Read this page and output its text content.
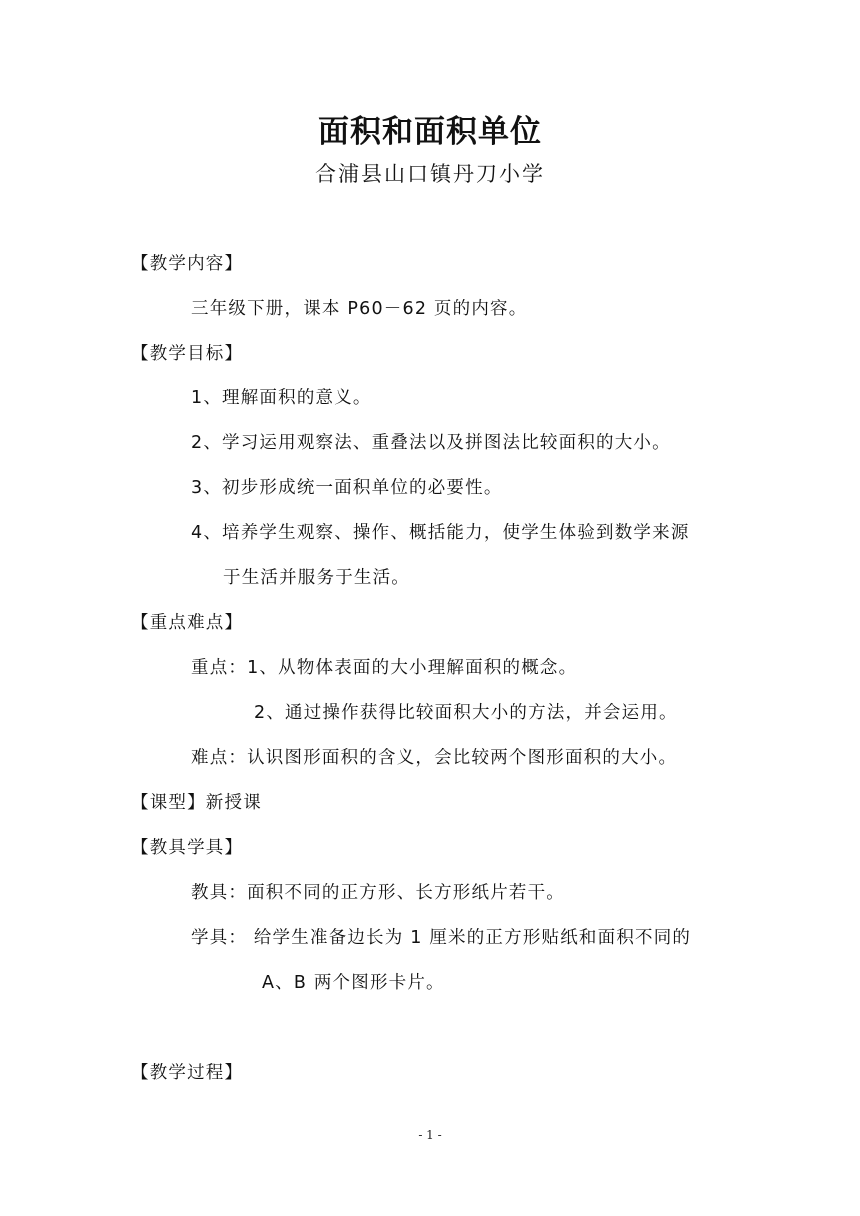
面积和面积单位
合浦县山口镇丹刀小学
【教学内容】
三年级下册，课本 P60－62 页的内容。
【教学目标】
1、理解面积的意义。
2、学习运用观察法、重叠法以及拼图法比较面积的大小。
3、初步形成统一面积单位的必要性。
4、培养学生观察、操作、概括能力，使学生体验到数学来源
于生活并服务于生活。
【重点难点】
重点：1、从物体表面的大小理解面积的概念。
2、通过操作获得比较面积大小的方法，并会运用。
难点：认识图形面积的含义，会比较两个图形面积的大小。
【课型】新授课
【教具学具】
教具：面积不同的正方形、长方形纸片若干。
学具： 给学生准备边长为 1 厘米的正方形贴纸和面积不同的
A、B 两个图形卡片。
【教学过程】
- 1 -
